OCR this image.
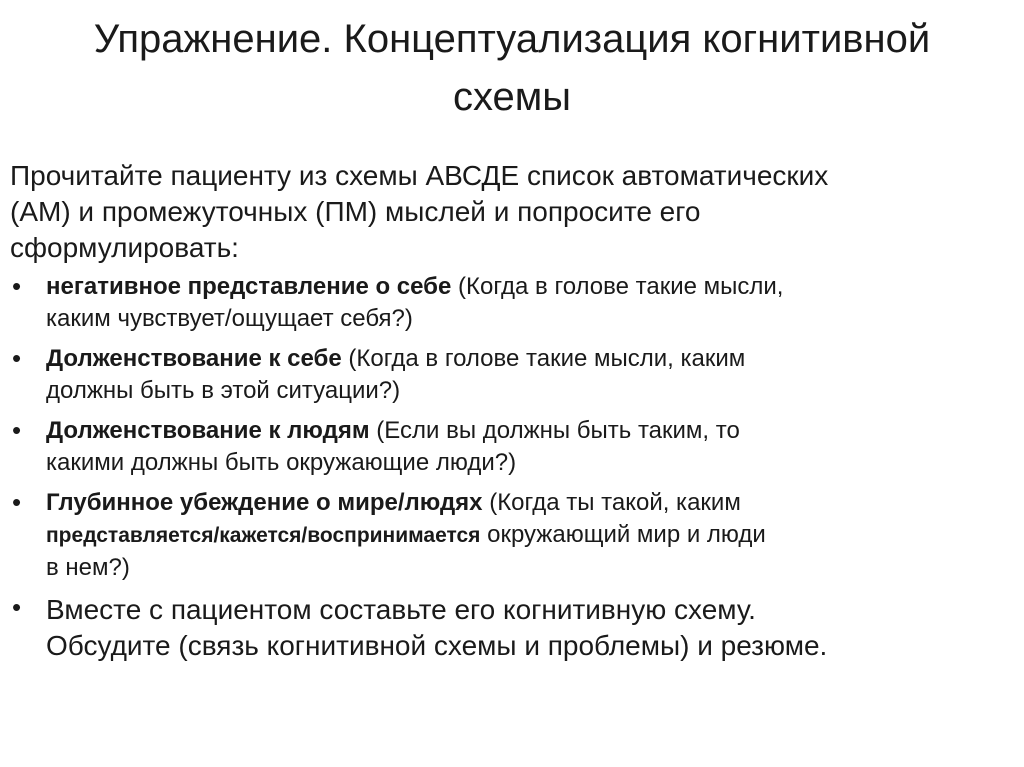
Упражнение. Концептуализация когнитивной
схемы

Прочитайте пациенту из схемы АВСДЕ список автоматических
(АМ) и промежуточных (ПМ) мыслей и попросите его
сформулировать:

• негативное представление о себе (Когда в голове такие мысли,
каким чувствует/ощущает себя?)
• Долженствование к себе (Когда в голове такие мысли, каким
должны быть в этой ситуации?)
• Долженствование к людям (Если вы должны быть таким, то
какими должны быть окружающие люди?)
• Глубинное убеждение о мире/людях (Когда ты такой, каким
представляется/кажется/воспринимается окружающий мир и люди
в нем?)
• Вместе с пациентом составьте его когнитивную схему.
Обсудите (связь когнитивной схемы и проблемы) и резюме.
